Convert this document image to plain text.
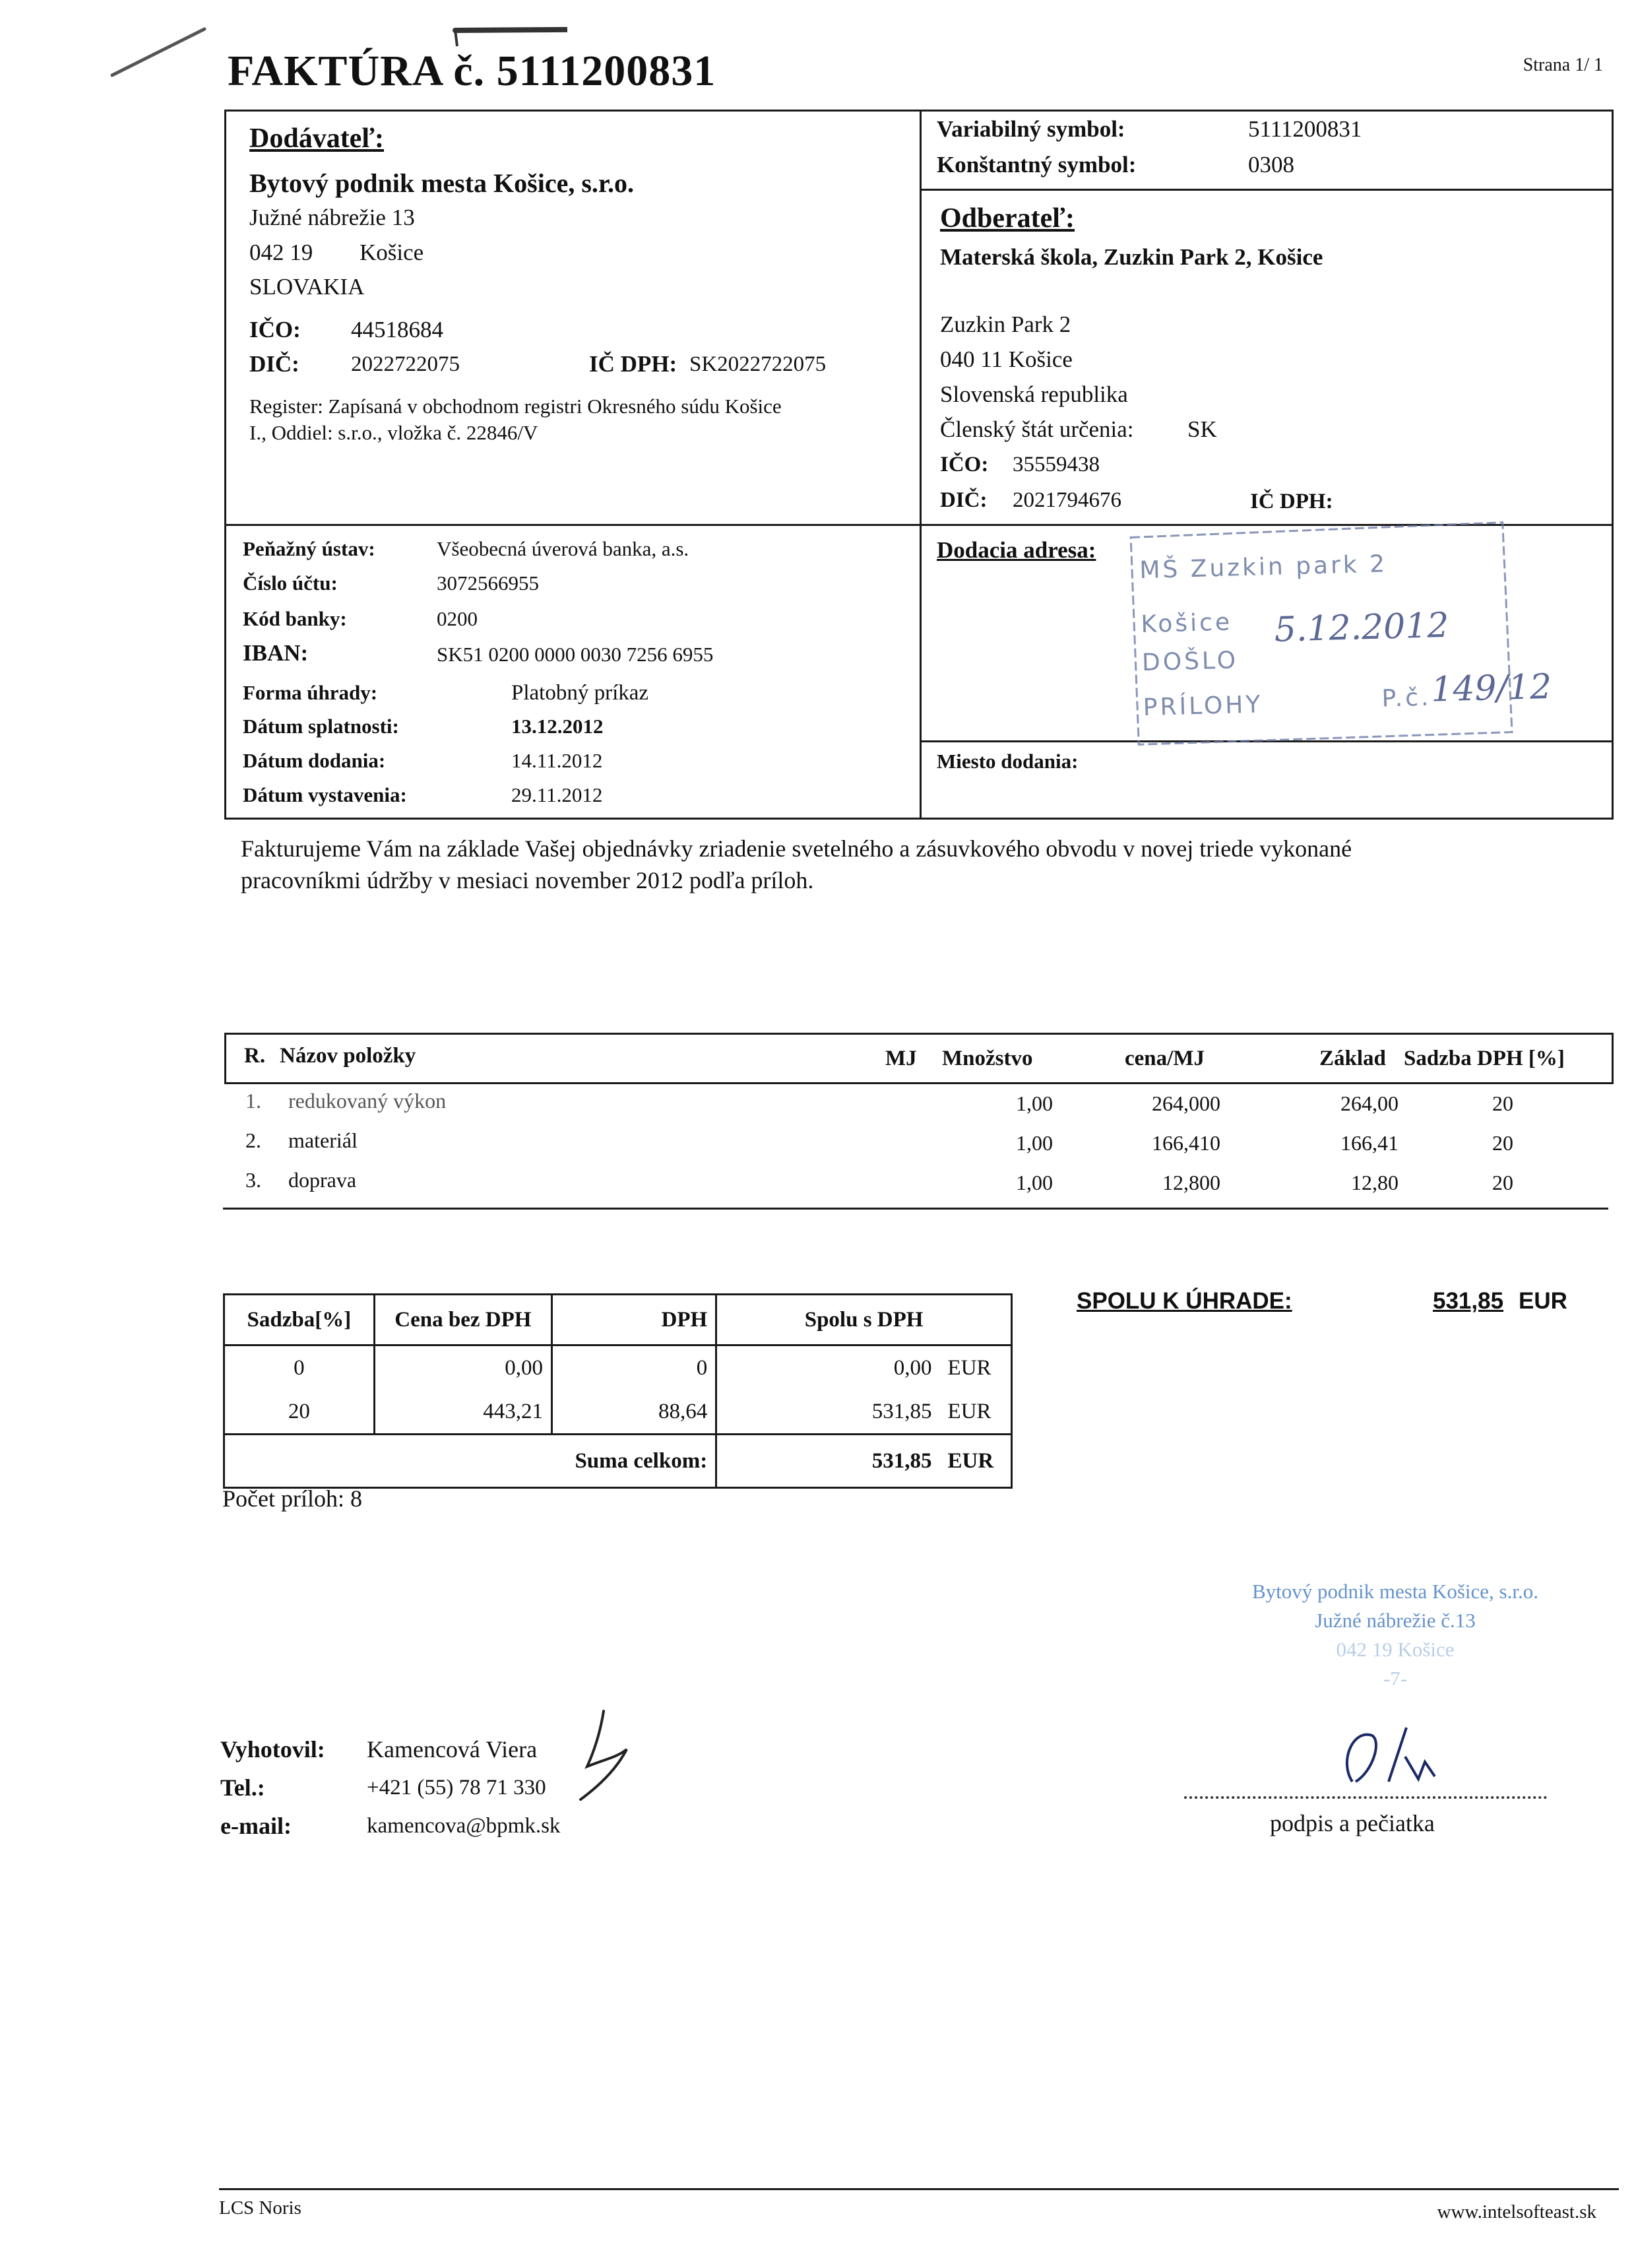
FAKTÚRA č. 5111200831	Strana 1/ 1
Dodávateľ:
Bytový podnik mesta Košice, s.r.o.
Južné nábrežie 13
042 19 Košice
SLOVAKIA
IČO: 44518684
DIČ: 2022722075	IČ DPH: SK2022722075
Register: Zapísaná v obchodnom registri Okresného súdu Košice
I., Oddiel: s.r.o., vložka č. 22846/V
Variabilný symbol:	5111200831
Konštantný symbol:	0308
Odberateľ:
Materská škola, Zuzkin Park 2, Košice
Zuzkin Park 2
040 11 Košice
Slovenská republika
Členský štát určenia: SK
IČO: 35559438
DIČ: 2021794676	IČ DPH:
Peňažný ústav:	Všeobecná úverová banka, a.s.
Číslo účtu:	3072566955
Kód banky:	0200
IBAN:	SK51 0200 0000 0030 7256 6955
Forma úhrady:	Platobný príkaz
Dátum splatnosti:	13.12.2012
Dátum dodania:	14.11.2012
Dátum vystavenia:	29.11.2012
Dodacia adresa:
Miesto dodania:
MŠ Zuzkin park 2
Košice
DOŠLO
PRÍLOHY
5.12.2012
P.č.
149/12
Fakturujeme Vám na základe Vašej objednávky zriadenie svetelného a zásuvkového obvodu v novej triede vykonané
pracovníkmi údržby v mesiaci november 2012 podľa príloh.
R. Názov položky	MJ Množstvo	cena/MJ	Základ Sadzba DPH [%]
1. redukovaný výkon	1,00	264,000	264,00	20
2. materiál	1,00	166,410	166,41	20
3. doprava	1,00	12,800	12,80	20
Sadzba[%]	Cena bez DPH	DPH	Spolu s DPH	
0	0,00	0	0,00	EUR
20	443,21	88,64	531,85	EUR
Suma celkom:			531,85	EUR
SPOLU K ÚHRADE:	531,85 EUR
Počet príloh: 8
Bytový podnik mesta Košice, s.r.o.
Južné nábrežie č.13
042 19 Košice
-7-
Vyhotovil: Kamencová Viera
Tel.:	+421 (55) 78 71 330
e-mail:	kamencova@bpmk.sk	podpis a pečiatka
LCS Noris	www.intelsofteast.sk
